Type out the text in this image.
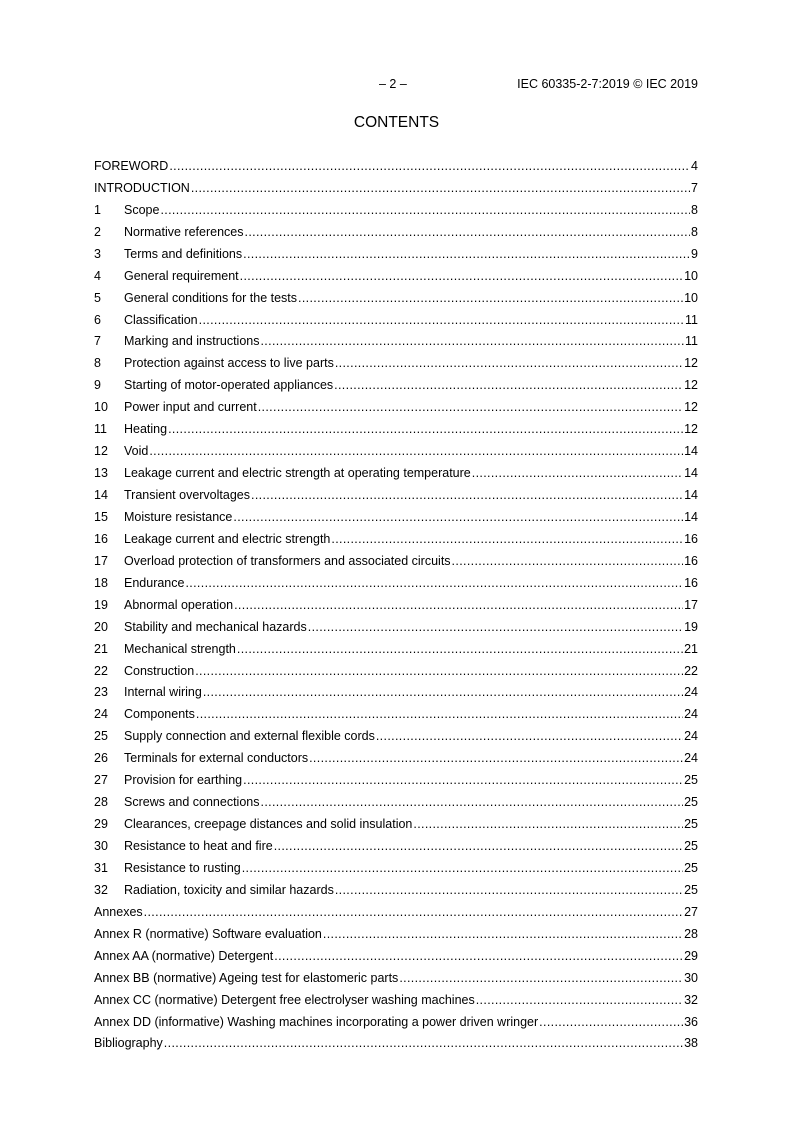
– 2 –	IEC 60335-2-7:2019 © IEC 2019
CONTENTS
FOREWORD .....	4
INTRODUCTION .....	7
1	Scope .....	8
2	Normative references .....	8
3	Terms and definitions .....	9
4	General requirement .....	10
5	General conditions for the tests .....	10
6	Classification .....	11
7	Marking and instructions .....	11
8	Protection against access to live parts .....	12
9	Starting of motor-operated appliances .....	12
10	Power input and current .....	12
11	Heating .....	12
12	Void .....	14
13	Leakage current and electric strength at operating temperature .....	14
14	Transient overvoltages .....	14
15	Moisture resistance .....	14
16	Leakage current and electric strength .....	16
17	Overload protection of transformers and associated circuits .....	16
18	Endurance .....	16
19	Abnormal operation .....	17
20	Stability and mechanical hazards .....	19
21	Mechanical strength .....	21
22	Construction .....	22
23	Internal wiring .....	24
24	Components .....	24
25	Supply connection and external flexible cords .....	24
26	Terminals for external conductors .....	24
27	Provision for earthing .....	25
28	Screws and connections .....	25
29	Clearances, creepage distances and solid insulation .....	25
30	Resistance to heat and fire .....	25
31	Resistance to rusting .....	25
32	Radiation, toxicity and similar hazards .....	25
Annexes .....	27
Annex R (normative) Software evaluation .....	28
Annex AA (normative) Detergent .....	29
Annex BB (normative) Ageing test for elastomeric parts .....	30
Annex CC (normative) Detergent free electrolyser washing machines .....	32
Annex DD (informative) Washing machines incorporating a power driven wringer .....	36
Bibliography .....	38
